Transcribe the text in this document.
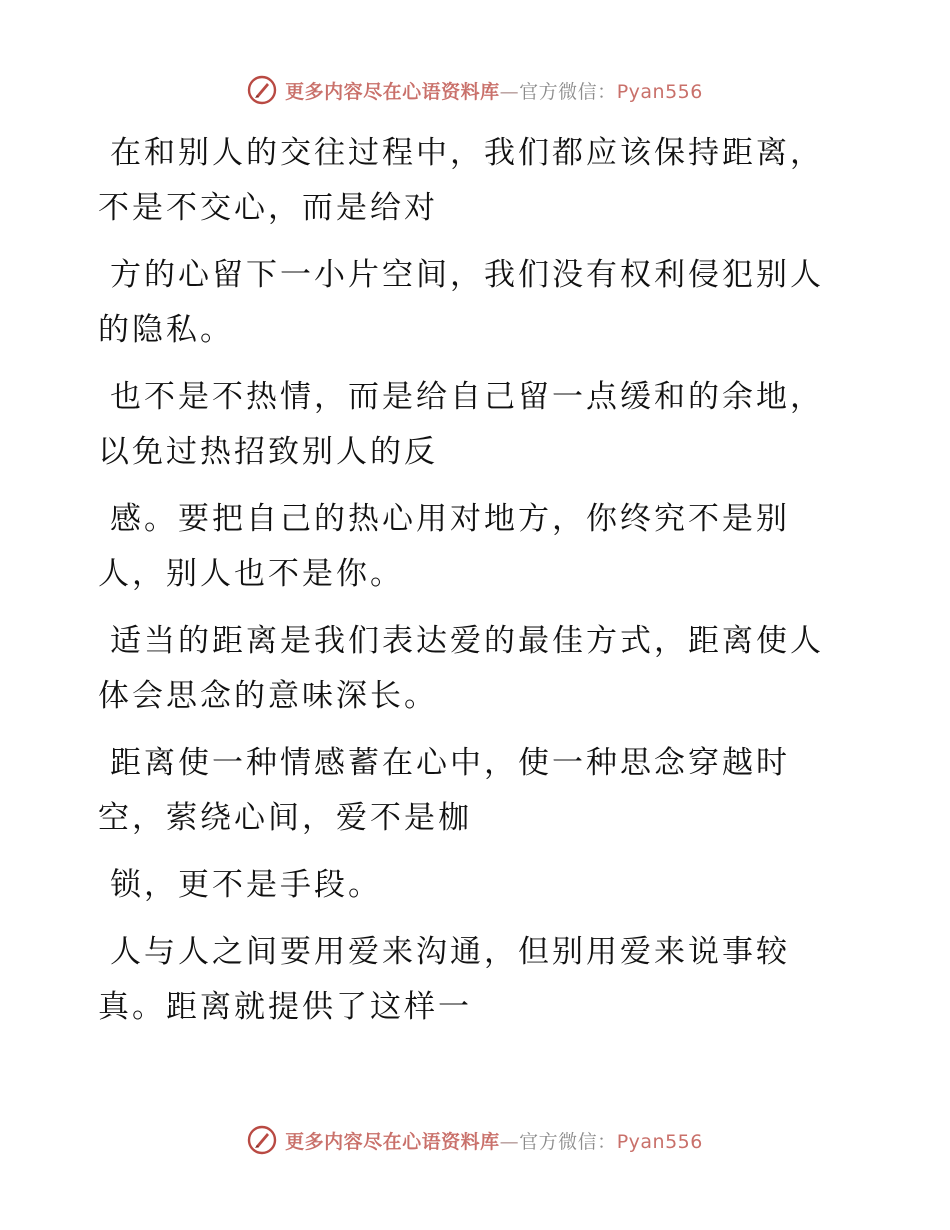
更多内容尽在心语资料库—官方微信：Pyan556

在和别人的交往过程中，我们都应该保持距离，
不是不交心，而是给对

方的心留下一小片空间，我们没有权利侵犯别人
的隐私。

也不是不热情，而是给自己留一点缓和的余地，
以免过热招致别人的反

感。要把自己的热心用对地方，你终究不是别
人，别人也不是你。

适当的距离是我们表达爱的最佳方式，距离使人
体会思念的意味深长。

距离使一种情感蓄在心中，使一种思念穿越时
空，萦绕心间，爱不是枷

锁，更不是手段。

人与人之间要用爱来沟通，但别用爱来说事较
真。距离就提供了这样一

更多内容尽在心语资料库—官方微信：Pyan556
